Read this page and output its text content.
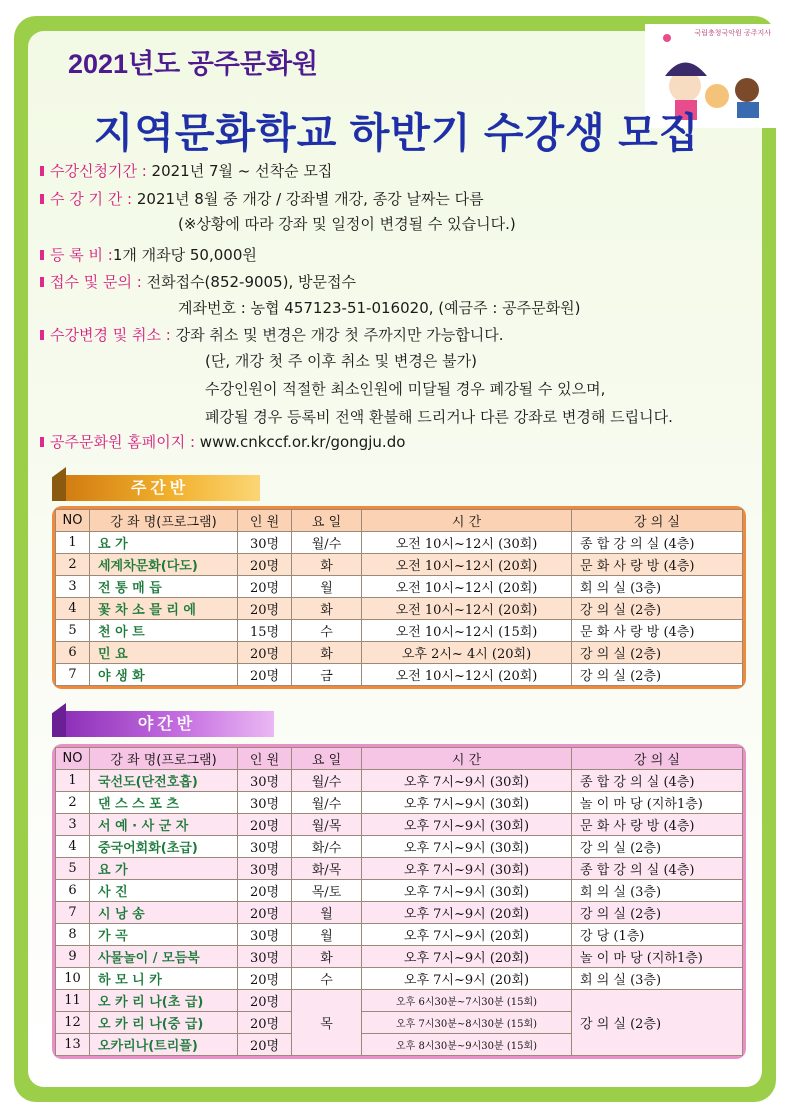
국립충청국악원 공주지사
2021년도 공주문화원
지역문화학교 하반기 수강생 모집
수강신청기간 : 2021년 7월 ~ 선착순 모집
수 강 기 간 : 2021년 8월 중 개강 / 강좌별 개강, 종강 날짜는 다름
(※상황에 따라 강좌 및 일정이 변경될 수 있습니다.)
등 록 비 :1개 개좌당 50,000원
접수 및 문의 : 전화접수(852-9005), 방문접수
계좌번호 : 농협 457123-51-016020, (예금주 : 공주문화원)
수강변경 및 취소 : 강좌 취소 및 변경은 개강 첫 주까지만 가능합니다.
(단, 개강 첫 주 이후 취소 및 변경은 불가)
수강인원이 적절한 최소인원에 미달될 경우 폐강될 수 있으며,
폐강될 경우 등록비 전액 환불해 드리거나 다른 강좌로 변경해 드립니다.
공주문화원 홈페이지 : www.cnkccf.or.kr/gongju.do
주간반
NO	강 좌 명(프로그램)	인 원	요 일	시 간	강 의 실
1	요 가	30명	월/수	오전 10시~12시 (30회)	종 합 강 의 실 (4층)
2	세계차문화(다도)	20명	화	오전 10시~12시 (20회)	문 화 사 랑 방 (4층)
3	전 통 매 듭	20명	월	오전 10시~12시 (20회)	회 의 실 (3층)
4	꽃 차 소 믈 리 에	20명	화	오전 10시~12시 (20회)	강 의 실 (2층)
5	천 아 트	15명	수	오전 10시~12시 (15회)	문 화 사 랑 방 (4층)
6	민 요	20명	화	오후 2시~ 4시 (20회)	강 의 실 (2층)
7	야 생 화	20명	금	오전 10시~12시 (20회)	강 의 실 (2층)
야간반
NO	강 좌 명(프로그램)	인 원	요 일	시 간	강 의 실
1	국선도(단전호흡)	30명	월/수	오후 7시~9시 (30회)	종 합 강 의 실 (4층)
2	댄 스 스 포 츠	30명	월/수	오후 7시~9시 (30회)	놀 이 마 당 (지하1층)
3	서 예 · 사 군 자	20명	월/목	오후 7시~9시 (30회)	문 화 사 랑 방 (4층)
4	중국어회화(초급)	30명	화/수	오후 7시~9시 (30회)	강 의 실 (2층)
5	요 가	30명	화/목	오후 7시~9시 (30회)	종 합 강 의 실 (4층)
6	사 진	20명	목/토	오후 7시~9시 (30회)	회 의 실 (3층)
7	시 낭 송	20명	월	오후 7시~9시 (20회)	강 의 실 (2층)
8	가 곡	30명	월	오후 7시~9시 (20회)	강 당 (1층)
9	사물놀이 / 모듬북	30명	화	오후 7시~9시 (20회)	놀 이 마 당 (지하1층)
10	하 모 니 카	20명	수	오후 7시~9시 (20회)	회 의 실 (3층)
11	오 카 리 나(초 급)	20명	목	오후 6시30분~7시30분 (15회)	강 의 실 (2층)
12	오 카 리 나(중 급)	20명		오후 7시30분~8시30분 (15회)	
13	오카리나(트리플)	20명		오후 8시30분~9시30분 (15회)	
